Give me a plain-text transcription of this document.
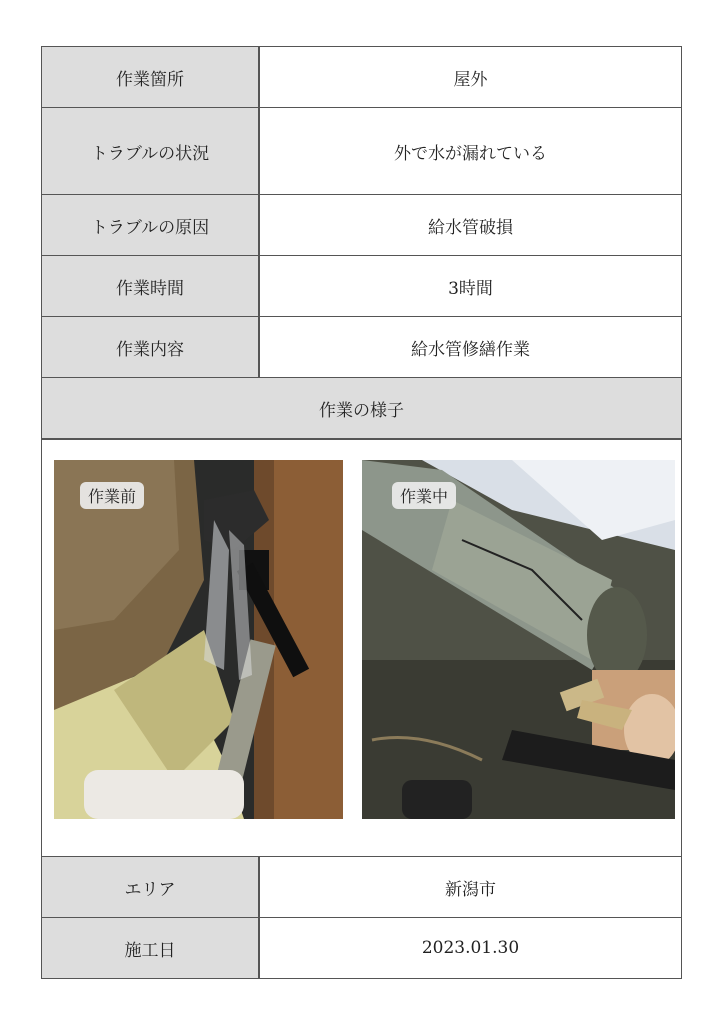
作業箇所	屋外
トラブルの状況	外で水が漏れている
トラブルの原因	給水管破損
作業時間	3時間
作業内容	給水管修繕作業
作業の様子
作業前	作業中
エリア	新潟市
施工日	2023.01.30
